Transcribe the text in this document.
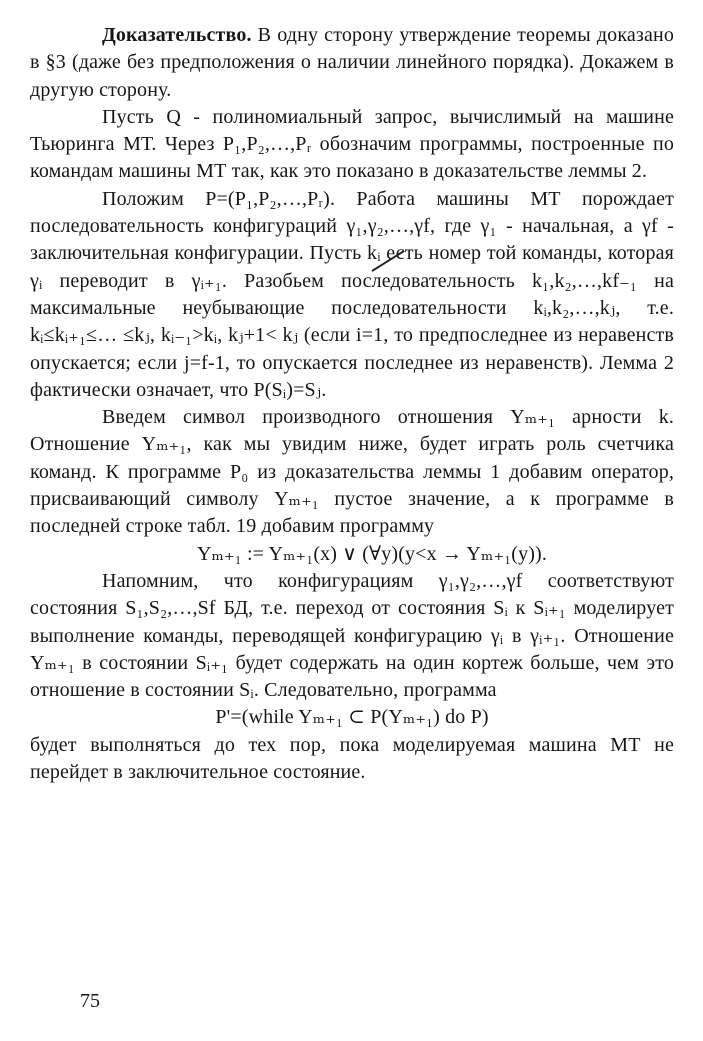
Доказательство. В одну сторону утверждение теоремы доказано в §3 (даже без предположения о наличии линейного порядка). Докажем в другую сторону.

Пусть Q - полиномиальный запрос, вычислимый на машине Тьюринга МТ. Через P₁,P₂,…,Pᵣ обозначим программы, построенные по командам машины МТ так, как это показано в доказательстве леммы 2.

Положим P=(P₁,P₂,…,Pᵣ). Работа машины МТ порождает последовательность конфигураций γ₁,γ₂,…,γf, где γ₁ - начальная, а γf - заключительная конфигурации. Пусть kᵢ есть номер той команды, которая γᵢ переводит в γᵢ₊₁. Разобьем последовательность k₁,k₂,…,kf₋₁ на максимальные неубывающие последовательности kᵢ,k₂,…,kⱼ, т.е. kᵢ≤kᵢ₊₁≤… ≤kⱼ, kᵢ₋₁>kᵢ, kⱼ+1< kⱼ (если i=1, то предпоследнее из неравенств опускается; если j=f-1, то опускается последнее из неравенств). Лемма 2 фактически означает, что P(Sᵢ)=Sⱼ.

Введем символ производного отношения Yₘ₊₁ арности k. Отношение Yₘ₊₁, как мы увидим ниже, будет играть роль счетчика команд. К программе P₀ из доказательства леммы 1 добавим оператор, присваивающий символу Yₘ₊₁ пустое значение, а к программе в последней строке табл. 19 добавим программу

Yₘ₊₁ := Yₘ₊₁(x) ∨ (∀y)(y<x → Yₘ₊₁(y)).

Напомним, что конфигурациям γ₁,γ₂,…,γf соответствуют состояния S₁,S₂,…,Sf БД, т.е. переход от состояния Sᵢ к Sᵢ₊₁ моделирует выполнение команды, переводящей конфигурацию γᵢ в γᵢ₊₁. Отношение Yₘ₊₁ в состоянии Sᵢ₊₁ будет содержать на один кортеж больше, чем это отношение в состоянии Sᵢ. Следовательно, программа

P'=(while Yₘ₊₁ ⊂ P(Yₘ₊₁) do P)

будет выполняться до тех пор, пока моделируемая машина МТ не перейдет в заключительное состояние.

75
